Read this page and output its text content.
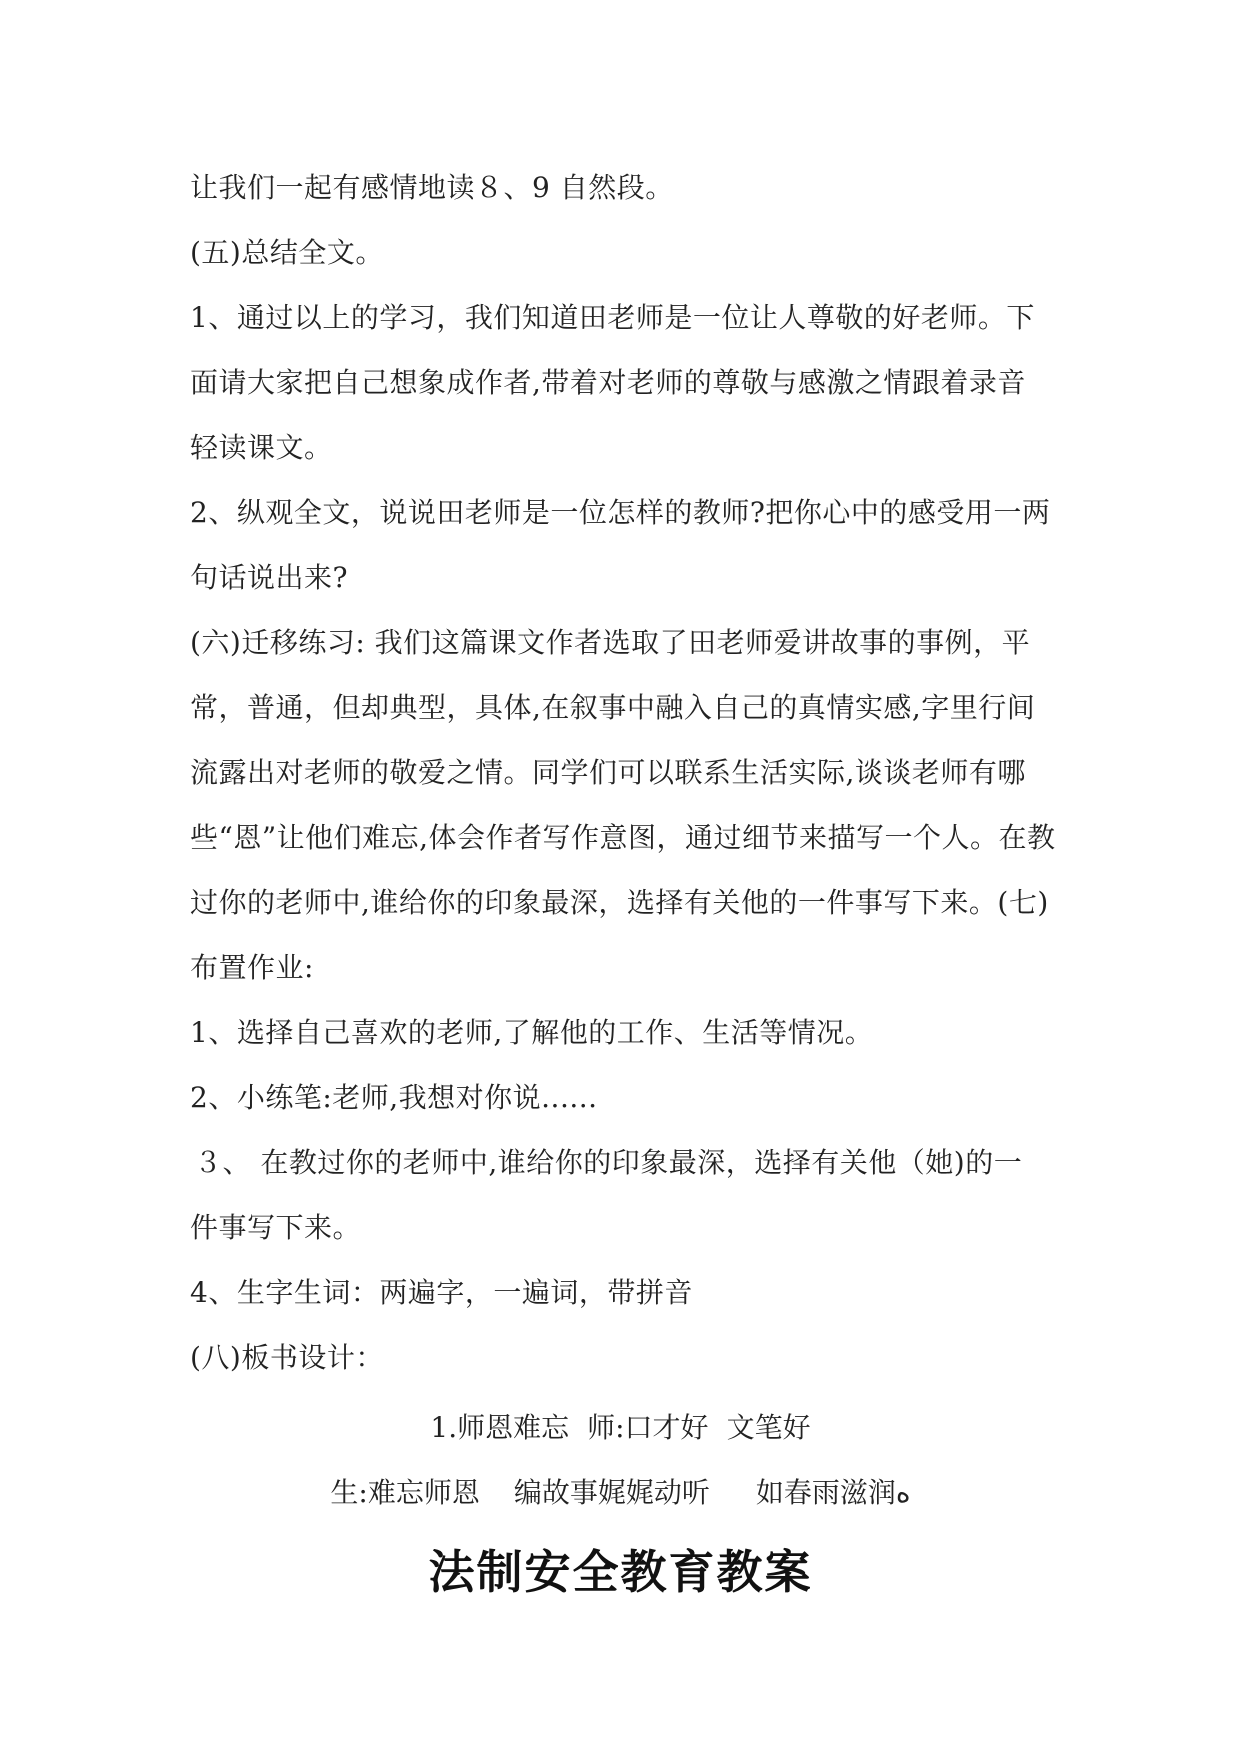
让我们一起有感情地读８、9 自然段。
(五)总结全文。
1、通过以上的学习，我们知道田老师是一位让人尊敬的好老师。下
面请大家把自己想象成作者,带着对老师的尊敬与感激之情跟着录音
轻读课文。
2、纵观全文，说说田老师是一位怎样的教师?把你心中的感受用一两
句话说出来?
(六)迁移练习: 我们这篇课文作者选取了田老师爱讲故事的事例，平
常，普通，但却典型，具体,在叙事中融入自己的真情实感,字里行间
流露出对老师的敬爱之情。同学们可以联系生活实际,谈谈老师有哪
些“恩”让他们难忘,体会作者写作意图，通过细节来描写一个人。在教
过你的老师中,谁给你的印象最深，选择有关他的一件事写下来。(七)
布置作业:
1、选择自己喜欢的老师,了解他的工作、生活等情况。
2、小练笔:老师,我想对你说......
３、 在教过你的老师中,谁给你的印象最深，选择有关他（她)的一
件事写下来。
4、生字生词：两遍字，一遍词，带拼音
(八)板书设计：
1.师恩难忘 师:口才好 文笔好
生:难忘师恩 编故事娓娓动听 如春雨滋润ﻩ
法制安全教育教案
